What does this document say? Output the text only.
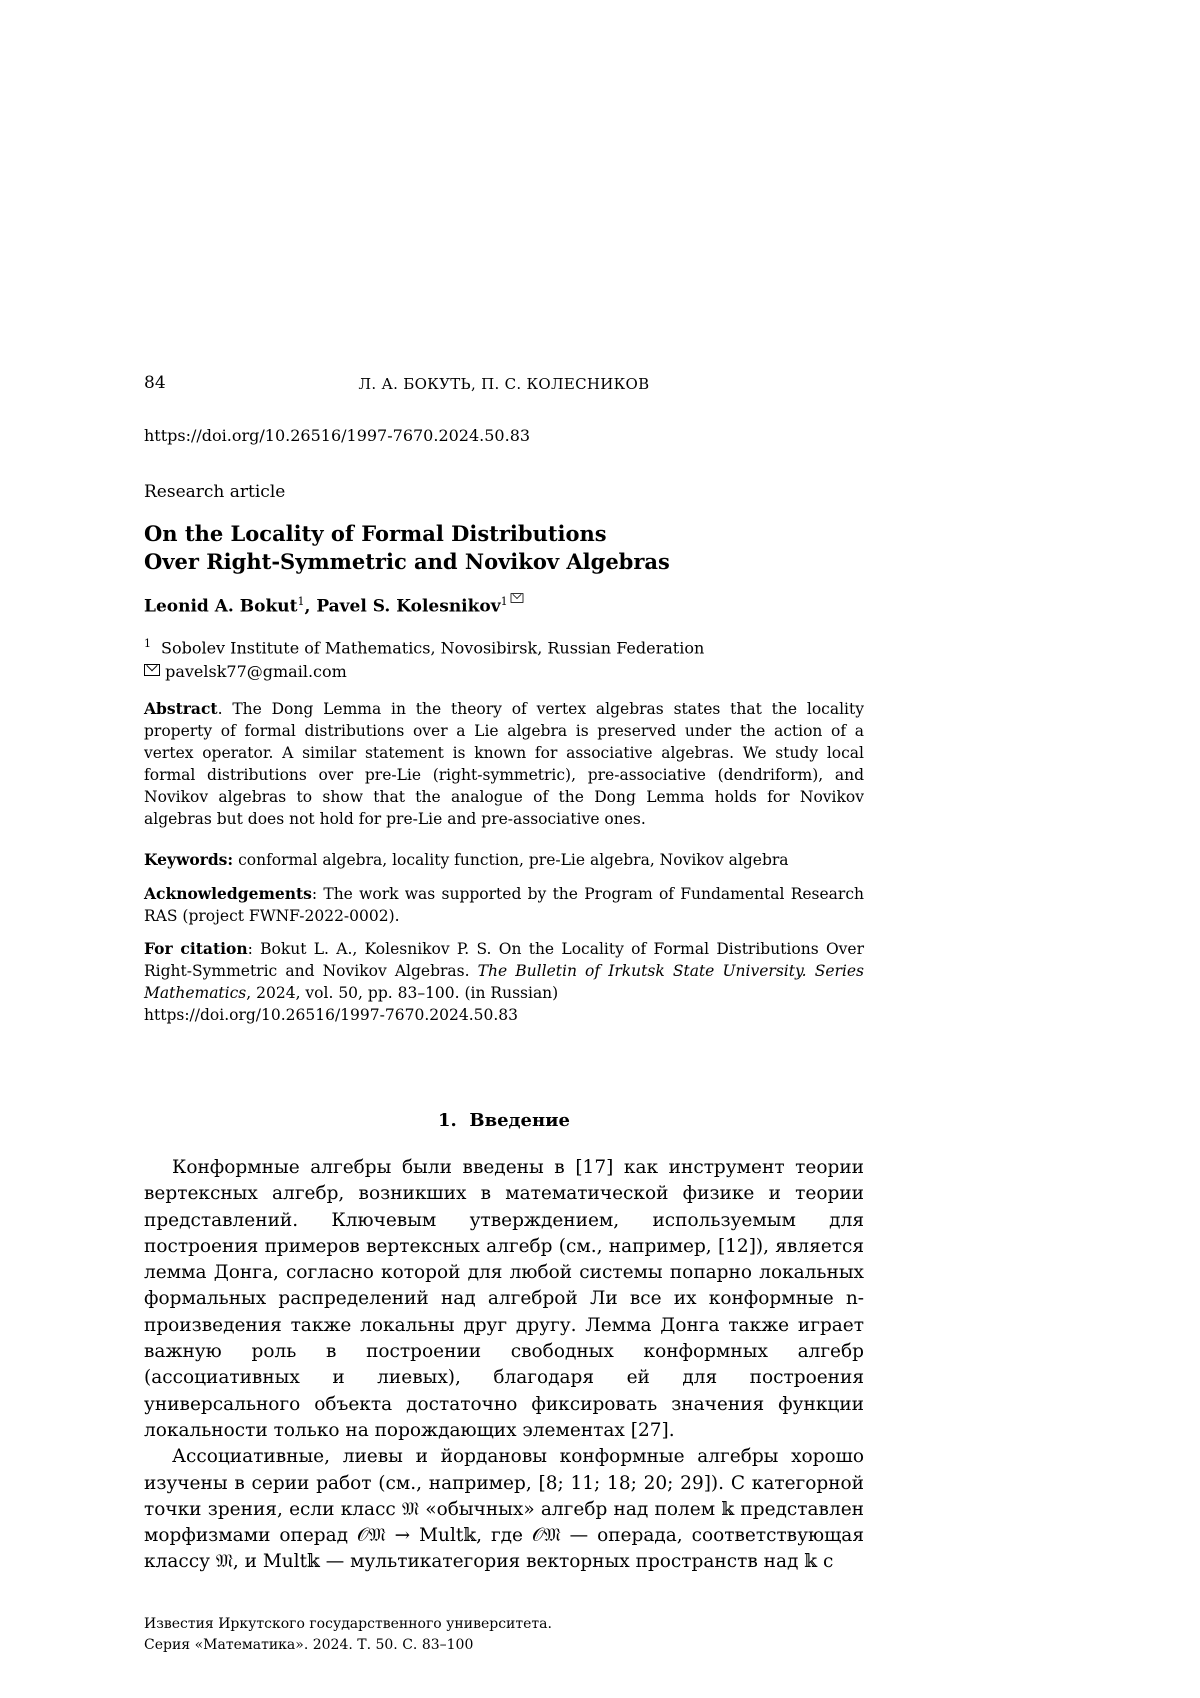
84	Л. А. БОКУТЬ, П. С. КОЛЕСНИКОВ
https://doi.org/10.26516/1997-7670.2024.50.83
Research article
On the Locality of Formal Distributions
Over Right-Symmetric and Novikov Algebras
Leonid A. Bokut$^1$, Pavel S. Kolesnikov$^1$
$^1$ Sobolev Institute of Mathematics, Novosibirsk, Russian Federation
pavelsk77@gmail.com
Abstract. The Dong Lemma in the theory of vertex algebras states that the locality property of formal distributions over a Lie algebra is preserved under the action of a vertex operator. A similar statement is known for associative algebras. We study local formal distributions over pre-Lie (right-symmetric), pre-associative (dendriform), and Novikov algebras to show that the analogue of the Dong Lemma holds for Novikov algebras but does not hold for pre-Lie and pre-associative ones.
Keywords: conformal algebra, locality function, pre-Lie algebra, Novikov algebra
Acknowledgements: The work was supported by the Program of Fundamental Research RAS (project FWNF-2022-0002).
For citation: Bokut L. A., Kolesnikov P. S. On the Locality of Formal Distributions Over Right-Symmetric and Novikov Algebras. The Bulletin of Irkutsk State University. Series Mathematics, 2024, vol. 50, pp. 83–100. (in Russian)
https://doi.org/10.26516/1997-7670.2024.50.83
1. Введение

Конформные алгебры были введены в [17] как инструмент теории вертексных алгебр, возникших в математической физике и теории представлений. Ключевым утверждением, используемым для построения примеров вертексных алгебр (см., например, [12]), является лемма Донга, согласно которой для любой системы попарно локальных формальных распределений над алгеброй Ли все их конформные n-произведения также локальны друг другу. Лемма Донга также играет важную роль в построении свободных конформных алгебр (ассоциативных и лиевых), благодаря ей для построения универсального объекта достаточно фиксировать значения функции локальности только на порождающих элементах [27].

Ассоциативные, лиевы и йордановы конформные алгебры хорошо изучены в серии работ (см., например, [8; 11; 18; 20; 29]). С категорной точки зрения, если класс 𝔐 «обычных» алгебр над полем 𝕜 представлен морфизмами операд 𝒪𝔐 → Mult𝕜, где 𝒪𝔐 — операда, соответствующая классу 𝔐, и Mult𝕜 — мультикатегория векторных пространств над 𝕜 с

Известия Иркутского государственного университета.
Серия «Математика». 2024. Т. 50. С. 83–100
